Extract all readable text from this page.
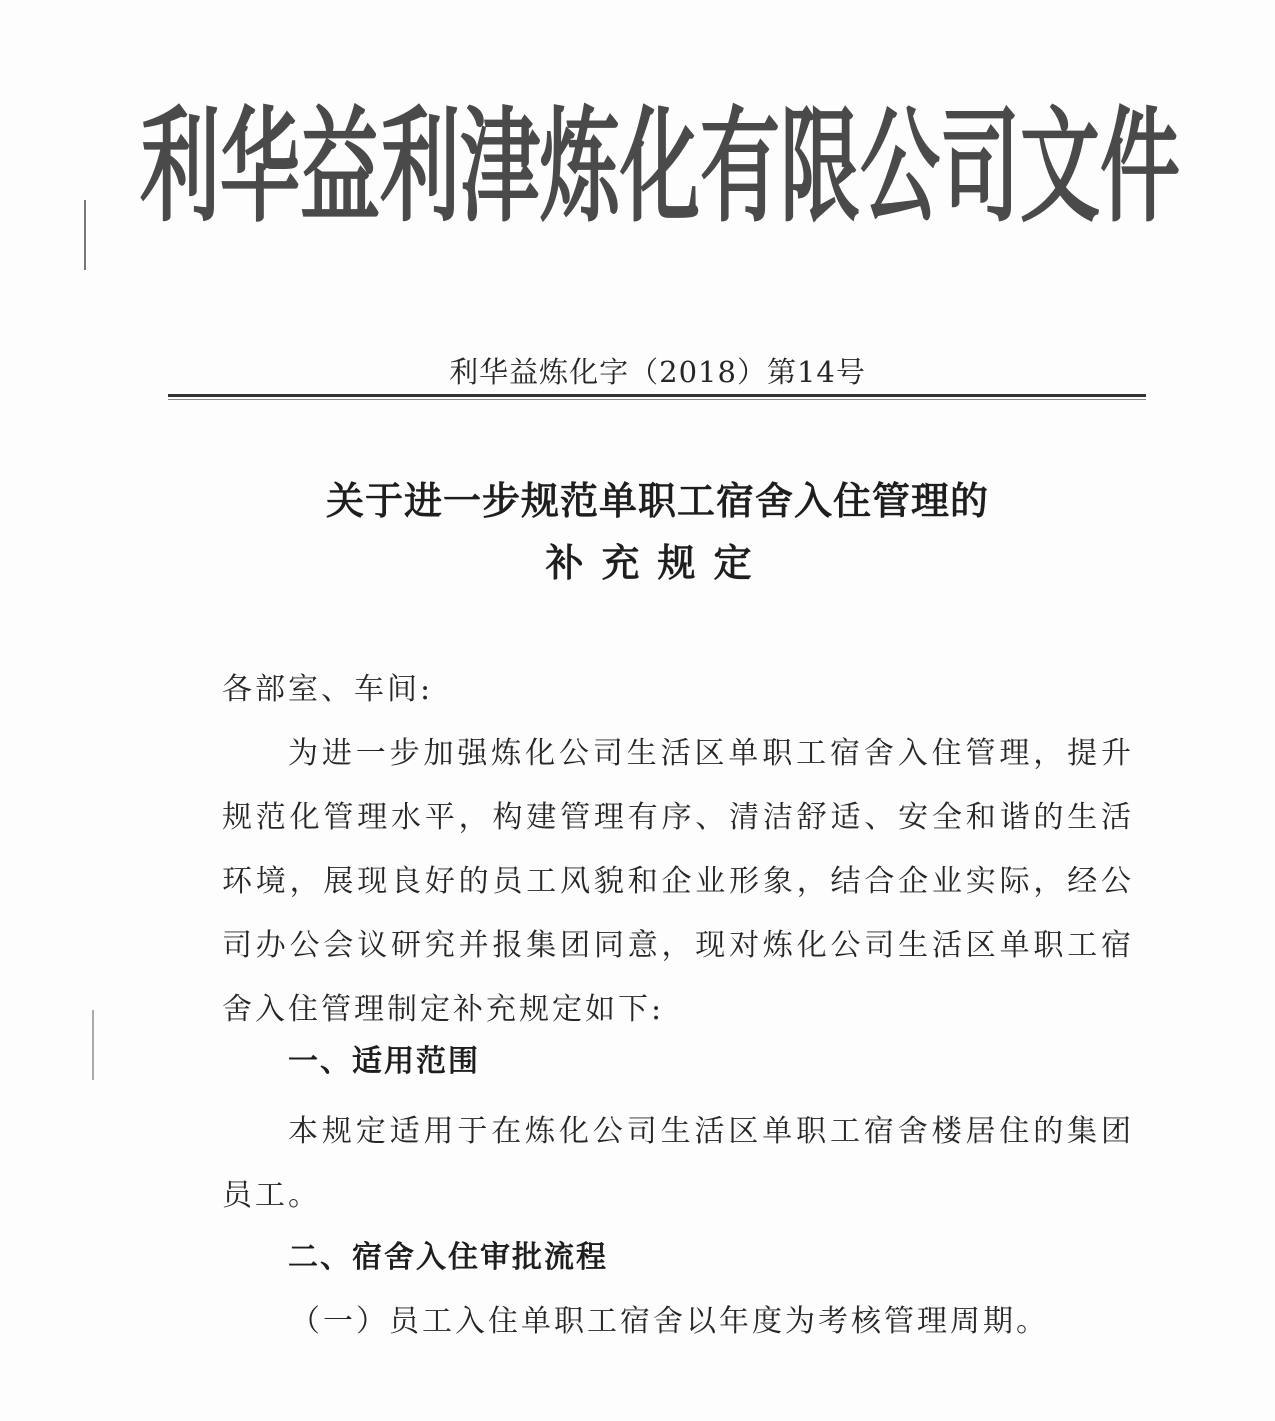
利华益利津炼化有限公司文件
利华益炼化字（2018）第14号
关于进一步规范单职工宿舍入住管理的
补充规定
各部室、车间:
为进一步加强炼化公司生活区单职工宿舍入住管理，提升规范化管理水平，构建管理有序、清洁舒适、安全和谐的生活环境，展现良好的员工风貌和企业形象，结合企业实际，经公司办公会议研究并报集团同意，现对炼化公司生活区单职工宿舍入住管理制定补充规定如下:
一、适用范围
本规定适用于在炼化公司生活区单职工宿舍楼居住的集团员工。
二、宿舍入住审批流程
（一）员工入住单职工宿舍以年度为考核管理周期。
